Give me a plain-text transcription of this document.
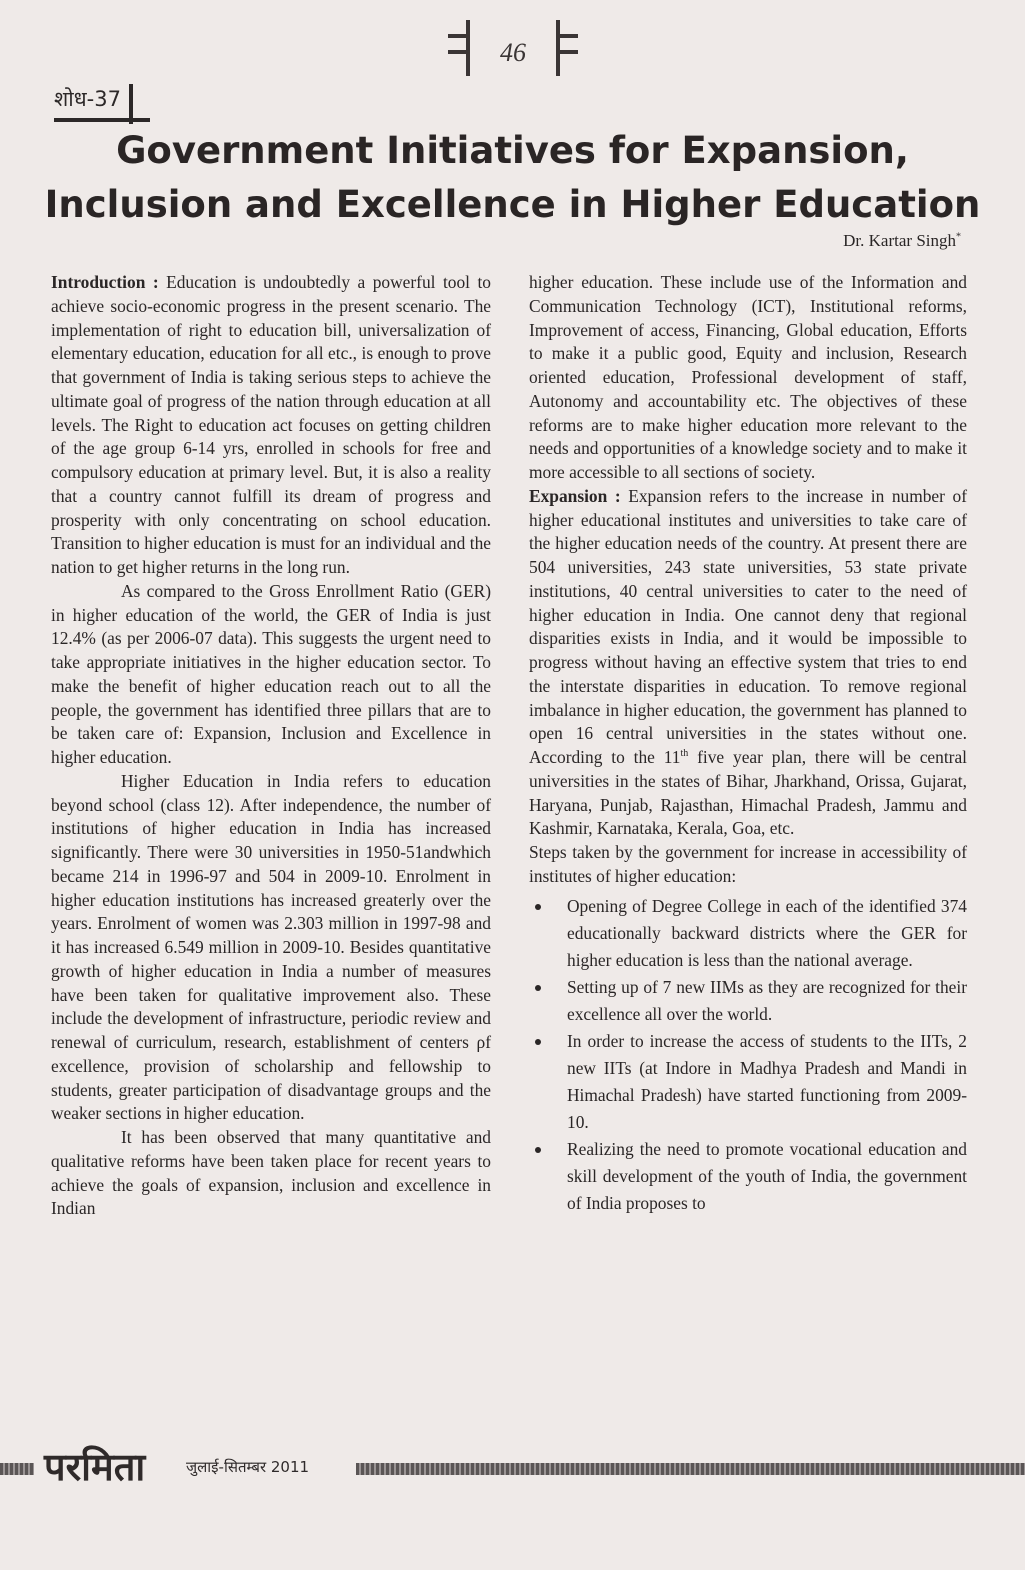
46
शोध-37
Government Initiatives for Expansion, Inclusion and Excellence in Higher Education
Dr. Kartar Singh*

Introduction : Education is undoubtedly a powerful tool to achieve socio-economic progress in the present scenario. The implementation of right to education bill, universalization of elementary education, education for all etc., is enough to prove that government of India is taking serious steps to achieve the ultimate goal of progress of the nation through education at all levels. The Right to education act focuses on getting children of the age group 6-14 yrs, enrolled in schools for free and compulsory education at primary level. But, it is also a reality that a country cannot fulfill its dream of progress and prosperity with only concentrating on school education. Transition to higher education is must for an individual and the nation to get higher returns in the long run.

As compared to the Gross Enrollment Ratio (GER) in higher education of the world, the GER of India is just 12.4% (as per 2006-07 data). This suggests the urgent need to take appropriate initiatives in the higher education sector. To make the benefit of higher education reach out to all the people, the government has identified three pillars that are to be taken care of: Expansion, Inclusion and Excellence in higher education.

Higher Education in India refers to education beyond school (class 12). After independence, the number of institutions of higher education in India has increased significantly. There were 30 universities in 1950-51andwhich became 214 in 1996-97 and 504 in 2009-10. Enrolment in higher education institutions has increased greaterly over the years. Enrolment of women was 2.303 million in 1997-98 and it has increased 6.549 million in 2009-10. Besides quantitative growth of higher education in India a number of measures have been taken for qualitative improvement also. These include the development of infrastructure, periodic review and renewal of curriculum, research, establishment of centers ρf excellence, provision of scholarship and fellowship to students, greater participation of disadvantage groups and the weaker sections in higher education.

It has been observed that many quantitative and qualitative reforms have been taken place for recent years to achieve the goals of expansion, inclusion and excellence in Indian

higher education. These include use of the Information and Communication Technology (ICT), Institutional reforms, Improvement of access, Financing, Global education, Efforts to make it a public good, Equity and inclusion, Research oriented education, Professional development of staff, Autonomy and accountability etc. The objectives of these reforms are to make higher education more relevant to the needs and opportunities of a knowledge society and to make it more accessible to all sections of society.

Expansion : Expansion refers to the increase in number of higher educational institutes and universities to take care of the higher education needs of the country. At present there are 504 universities, 243 state universities, 53 state private institutions, 40 central universities to cater to the need of higher education in India. One cannot deny that regional disparities exists in India, and it would be impossible to progress without having an effective system that tries to end the interstate disparities in education. To remove regional imbalance in higher education, the government has planned to open 16 central universities in the states without one. According to the 11th five year plan, there will be central universities in the states of Bihar, Jharkhand, Orissa, Gujarat, Haryana, Punjab, Rajasthan, Himachal Pradesh, Jammu and Kashmir, Karnataka, Kerala, Goa, etc.

Steps taken by the government for increase in accessibility of institutes of higher education:

Opening of Degree College in each of the identified 374 educationally backward districts where the GER for higher education is less than the national average.
Setting up of 7 new IIMs as they are recognized for their excellence all over the world.
In order to increase the access of students to the IITs, 2 new IITs (at Indore in Madhya Pradesh and Mandi in Himachal Pradesh) have started functioning from 2009-10.
Realizing the need to promote vocational education and skill development of the youth of India, the government of India proposes to
परमिता	जुलाई-सितम्बर 2011
